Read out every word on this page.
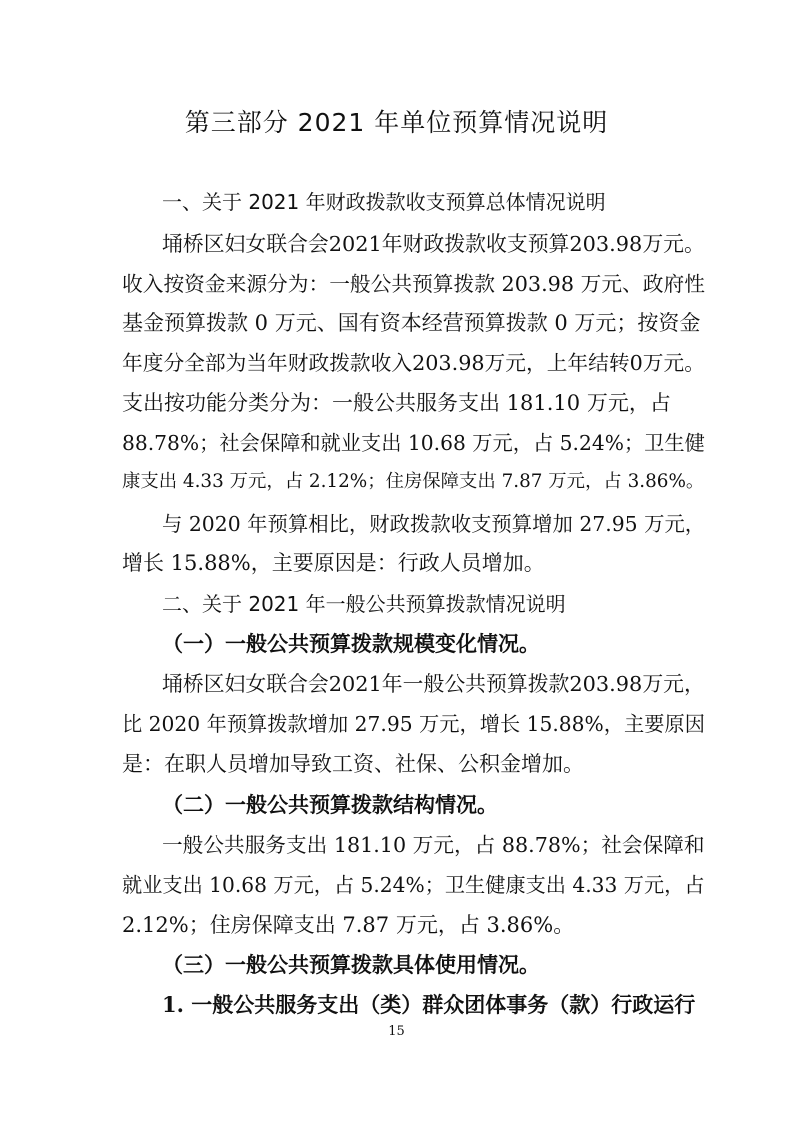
第三部分 2021 年单位预算情况说明
一、关于 2021 年财政拨款收支预算总体情况说明
埇桥区妇女联合会2021年财政拨款收支预算203.98万元。
收入按资金来源分为：一般公共预算拨款 203.98 万元、政府性
基金预算拨款 0 万元、国有资本经营预算拨款 0 万元；按资金
年度分全部为当年财政拨款收入203.98万元，上年结转0万元。
支出按功能分类分为：一般公共服务支出 181.10 万元，占
88.78%；社会保障和就业支出 10.68 万元，占 5.24%；卫生健
康支出 4.33 万元，占 2.12%；住房保障支出 7.87 万元，占 3.86%。
与 2020 年预算相比，财政拨款收支预算增加 27.95 万元，
增长 15.88%，主要原因是：行政人员增加。
二、关于 2021 年一般公共预算拨款情况说明
（一）一般公共预算拨款规模变化情况。
埇桥区妇女联合会2021年一般公共预算拨款203.98万元，
比 2020 年预算拨款增加 27.95 万元，增长 15.88%，主要原因
是：在职人员增加导致工资、社保、公积金增加。
（二）一般公共预算拨款结构情况。
一般公共服务支出 181.10 万元，占 88.78%；社会保障和
就业支出 10.68 万元，占 5.24%；卫生健康支出 4.33 万元，占
2.12%；住房保障支出 7.87 万元，占 3.86%。
（三）一般公共预算拨款具体使用情况。
1. 一般公共服务支出（类）群众团体事务（款）行政运行
15
